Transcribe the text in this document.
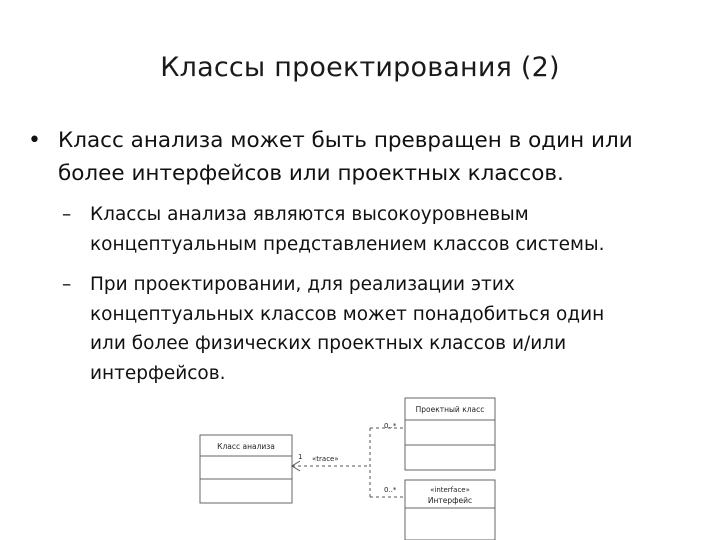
Классы проектирования (2)
• Класс анализа может быть превращен в один или
более интерфейсов или проектных классов.
–	Классы анализа являются высокоуровневым
концептуальным представлением классов системы.
–	При проектировании, для реализации этих
концептуальных классов может понадобиться один
или более физических проектных классов и/или
интерфейсов.
Класс анализа
Проектный класс
«interface»
Интерфейс
1 «trace»
0..*
0..*
